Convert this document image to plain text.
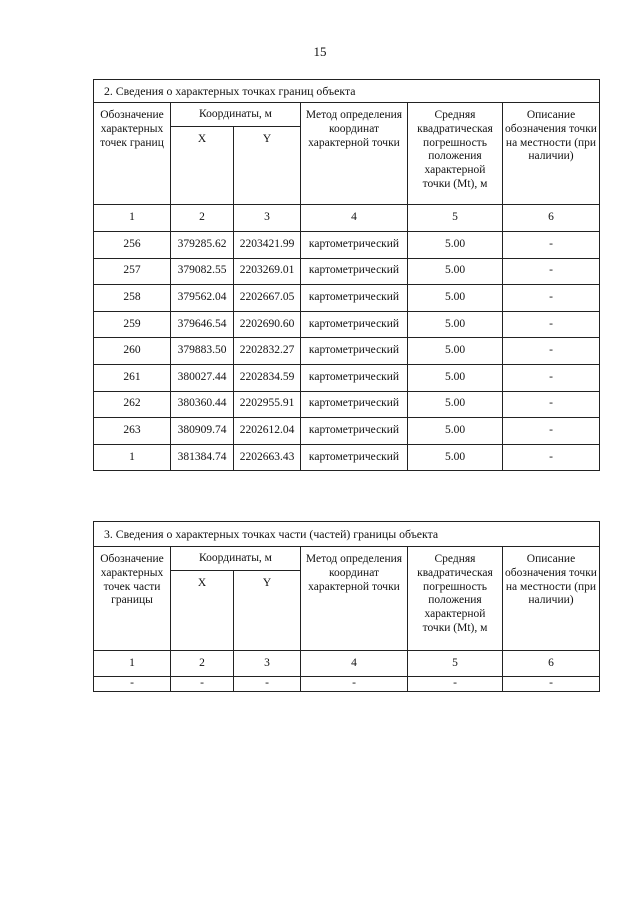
15
2. Сведения о характерных точках границ объекта					
Обозначение характерных точек границ	Координаты, м		Метод определения координат характерной точки	Средняя квадратическая погрешность положения характерной точки (Mt), м	Описание обозначения точки на местности (при наличии)
	X	Y			
1	2	3	4	5	6
256	379285.62	2203421.99	картометрический	5.00	-
257	379082.55	2203269.01	картометрический	5.00	-
258	379562.04	2202667.05	картометрический	5.00	-
259	379646.54	2202690.60	картометрический	5.00	-
260	379883.50	2202832.27	картометрический	5.00	-
261	380027.44	2202834.59	картометрический	5.00	-
262	380360.44	2202955.91	картометрический	5.00	-
263	380909.74	2202612.04	картометрический	5.00	-
1	381384.74	2202663.43	картометрический	5.00	-
3. Сведения о характерных точках части (частей) границы объекта					
Обозначение характерных точек части границы	Координаты, м		Метод определения координат характерной точки	Средняя квадратическая погрешность положения характерной точки (Mt), м	Описание обозначения точки на местности (при наличии)
	X	Y			
1	2	3	4	5	6
-	-	-	-	-	-
